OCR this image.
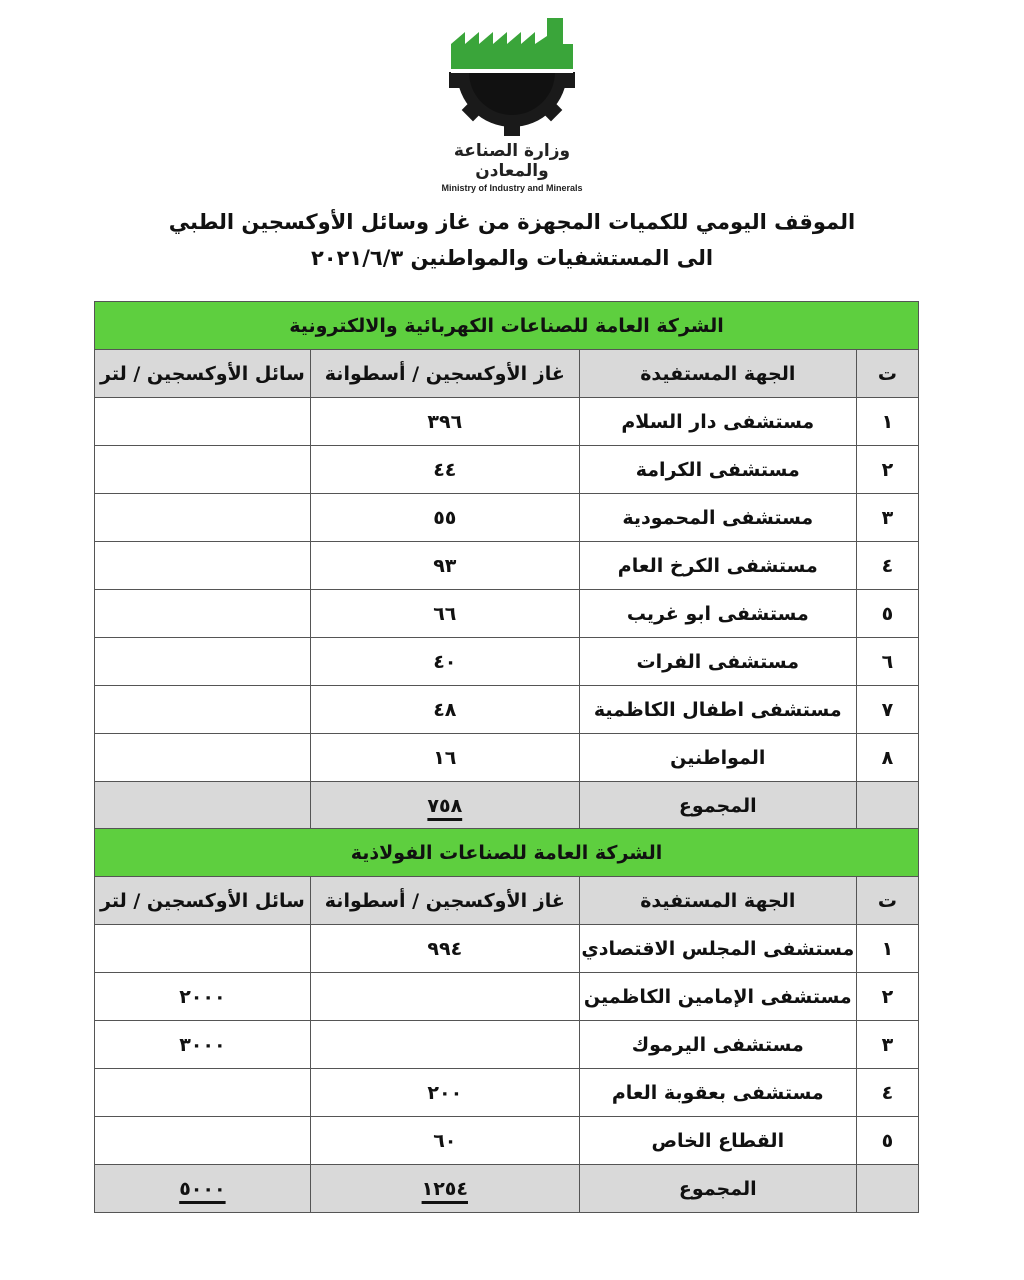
وزارة الصناعة والمعادن
Ministry of Industry and Minerals
الموقف اليومي للكميات المجهزة من غاز وسائل الأوكسجين الطبي
الى المستشفيات والمواطنين ٢٠٢١/٦/٣
الشركة العامة للصناعات الكهربائية والالكترونية			
ت	الجهة المستفيدة	غاز الأوكسجين / أسطوانة	سائل الأوكسجين / لتر
١	مستشفى دار السلام	٣٩٦	
٢	مستشفى الكرامة	٤٤	
٣	مستشفى المحمودية	٥٥	
٤	مستشفى الكرخ العام	٩٣	
٥	مستشفى ابو غريب	٦٦	
٦	مستشفى الفرات	٤٠	
٧	مستشفى اطفال الكاظمية	٤٨	
٨	المواطنين	١٦	
	المجموع	٧٥٨	
الشركة العامة للصناعات الفولاذية			
ت	الجهة المستفيدة	غاز الأوكسجين / أسطوانة	سائل الأوكسجين / لتر
١	مستشفى المجلس الاقتصادي	٩٩٤	
٢	مستشفى الإمامين الكاظمين		٢٠٠٠
٣	مستشفى اليرموك		٣٠٠٠
٤	مستشفى بعقوبة العام	٢٠٠	
٥	القطاع الخاص	٦٠	
	المجموع	١٢٥٤	٥٠٠٠
